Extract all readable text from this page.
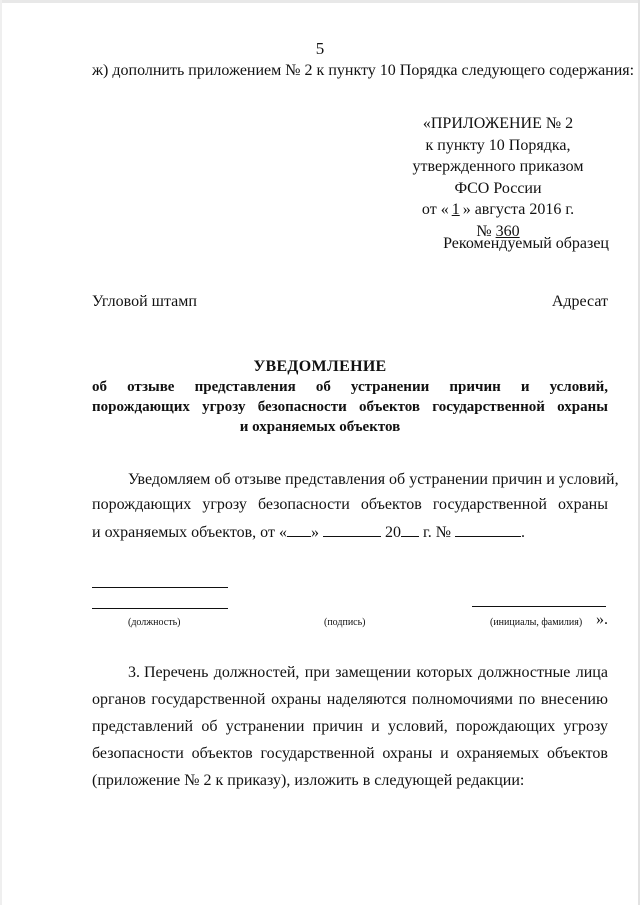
5
ж) дополнить приложением № 2 к пункту 10 Порядка следующего содержания:
«ПРИЛОЖЕНИЕ № 2
к пункту 10 Порядка,
утвержденного приказом
ФСО России
от « 1 » августа 2016 г.
№ 360
Рекомендуемый образец
Угловой штамп	Адресат
УВЕДОМЛЕНИЕ
об отзыве представления об устранении причин и условий,
порождающих угрозу безопасности объектов государственной охраны
и охраняемых объектов
Уведомляем об отзыве представления об устранении причин и условий,
порождающих угрозу безопасности объектов государственной охраны
и охраняемых объектов, от « »	20 г. №	.
(должность)	(подпись)	(инициалы, фамилия) ».
3. Перечень должностей, при замещении которых должностные лица
органов государственной охраны наделяются полномочиями по внесению
представлений об устранении причин и условий, порождающих угрозу
безопасности объектов государственной охраны и охраняемых объектов
(приложение № 2 к приказу), изложить в следующей редакции:
